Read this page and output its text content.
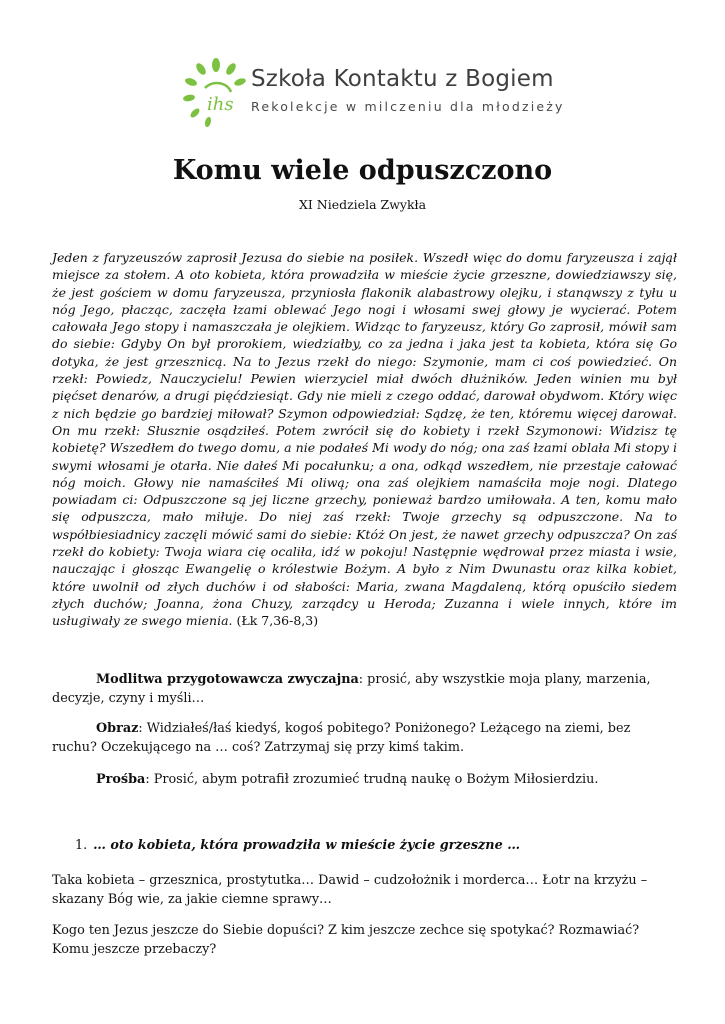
ihs
Szkoła Kontaktu z Bogiem
Rekolekcje w milczeniu dla młodzieży
Komu wiele odpuszczono
XI Niedziela Zwykła
Jeden z faryzeuszów zaprosił Jezusa do siebie na posiłek. Wszedł więc do domu faryzeusza i zajął miejsce za stołem. A oto kobieta, która prowadziła w mieście życie grzeszne, dowiedziawszy się, że jest gościem w domu faryzeusza, przyniosła flakonik alabastrowy olejku, i stanąwszy z tyłu u nóg Jego, płacząc, zaczęła łzami oblewać Jego nogi i włosami swej głowy je wycierać. Potem całowała Jego stopy i namaszczała je olejkiem. Widząc to faryzeusz, który Go zaprosił, mówił sam do siebie: Gdyby On był prorokiem, wiedziałby, co za jedna i jaka jest ta kobieta, która się Go dotyka, że jest grzesznicą. Na to Jezus rzekł do niego: Szymonie, mam ci coś powiedzieć. On rzekł: Powiedz, Nauczycielu! Pewien wierzyciel miał dwóch dłużników. Jeden winien mu był pięćset denarów, a drugi pięćdziesiąt. Gdy nie mieli z czego oddać, darował obydwom. Który więc z nich będzie go bardziej miłował? Szymon odpowiedział: Sądzę, że ten, któremu więcej darował. On mu rzekł: Słusznie osądziłeś. Potem zwrócił się do kobiety i rzekł Szymonowi: Widzisz tę kobietę? Wszedłem do twego domu, a nie podałeś Mi wody do nóg; ona zaś łzami oblała Mi stopy i swymi włosami je otarła. Nie dałeś Mi pocałunku; a ona, odkąd wszedłem, nie przestaje całować nóg moich. Głowy nie namaściłeś Mi oliwą; ona zaś olejkiem namaściła moje nogi. Dlatego powiadam ci: Odpuszczone są jej liczne grzechy, ponieważ bardzo umiłowała. A ten, komu mało się odpuszcza, mało miłuje. Do niej zaś rzekł: Twoje grzechy są odpuszczone. Na to współbiesiadnicy zaczęli mówić sami do siebie: Któż On jest, że nawet grzechy odpuszcza? On zaś rzekł do kobiety: Twoja wiara cię ocaliła, idź w pokoju! Następnie wędrował przez miasta i wsie, nauczając i głosząc Ewangelię o królestwie Bożym. A było z Nim Dwunastu oraz kilka kobiet, które uwolnił od złych duchów i od słabości: Maria, zwana Magdaleną, którą opuściło siedem złych duchów; Joanna, żona Chuzy, zarządcy u Heroda; Zuzanna i wiele innych, które im usługiwały ze swego mienia. (Łk 7,36-8,3)
Modlitwa przygotowawcza zwyczajna: prosić, aby wszystkie moja plany, marzenia, decyzje, czyny i myśli…
Obraz: Widziałeś/łaś kiedyś, kogoś pobitego? Poniżonego? Leżącego na ziemi, bez ruchu? Oczekującego na … coś? Zatrzymaj się przy kimś takim.
Prośba: Prosić, abym potrafił zrozumieć trudną naukę o Bożym Miłosierdziu.
1. … oto kobieta, która prowadziła w mieście życie grzeszne …
Taka kobieta – grzesznica, prostytutka… Dawid – cudzołożnik i morderca… Łotr na krzyżu – skazany Bóg wie, za jakie ciemne sprawy…
Kogo ten Jezus jeszcze do Siebie dopuści? Z kim jeszcze zechce się spotykać? Rozmawiać? Komu jeszcze przebaczy?
